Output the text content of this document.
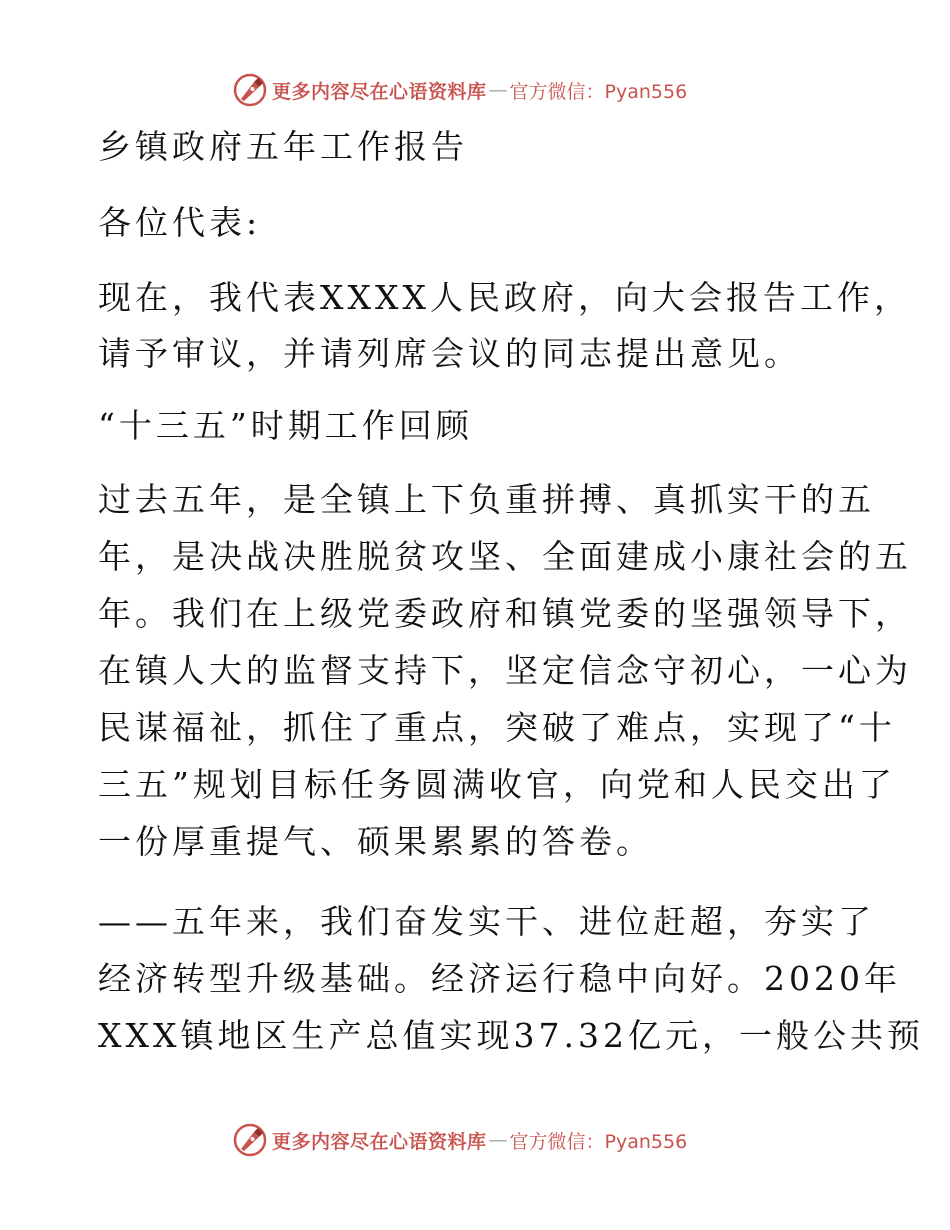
更多内容尽在心语资料库 — 官方微信：Pyan556
乡镇政府五年工作报告
各位代表:
现在，我代表XXXX人民政府，向大会报告工作，
请予审议，并请列席会议的同志提出意见。
“十三五”时期工作回顾
过去五年，是全镇上下负重拼搏、真抓实干的五
年，是决战决胜脱贫攻坚、全面建成小康社会的五
年。我们在上级党委政府和镇党委的坚强领导下，
在镇人大的监督支持下，坚定信念守初心，一心为
民谋福祉，抓住了重点，突破了难点，实现了“十
三五”规划目标任务圆满收官，向党和人民交出了
一份厚重提气、硕果累累的答卷。
——五年来，我们奋发实干、进位赶超，夯实了
经济转型升级基础。经济运行稳中向好。2020年
XXX镇地区生产总值实现37.32亿元，一般公共预
更多内容尽在心语资料库 — 官方微信：Pyan556
